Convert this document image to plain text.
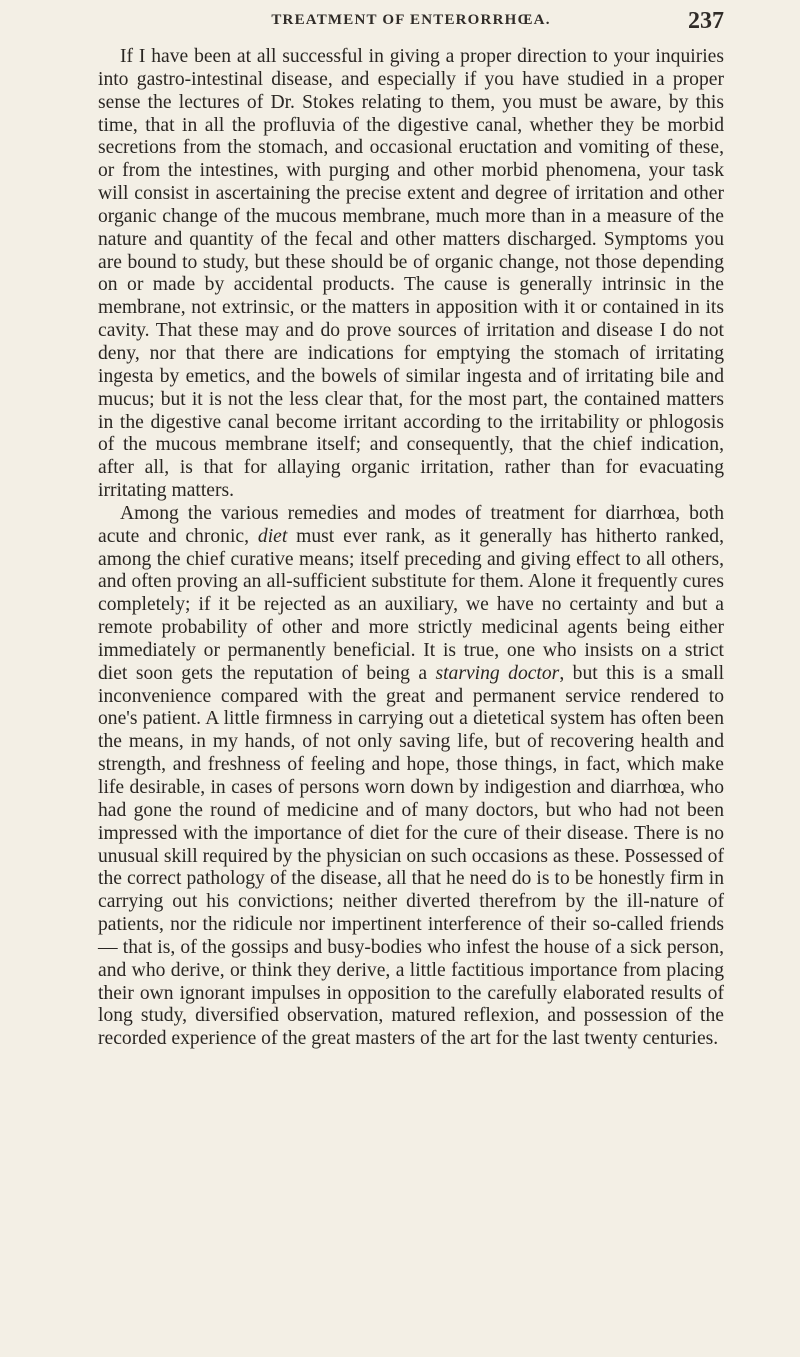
TREATMENT OF ENTERORRHŒA.	237

If I have been at all successful in giving a proper direction to your inquiries into gastro-intestinal disease, and especially if you have studied in a proper sense the lectures of Dr. Stokes relating to them, you must be aware, by this time, that in all the profluvia of the digestive canal, whether they be morbid secretions from the stomach, and occasional eructation and vomiting of these, or from the intestines, with purging and other morbid phenomena, your task will consist in ascertaining the precise extent and degree of irritation and other organic change of the mucous membrane, much more than in a measure of the nature and quantity of the fecal and other matters discharged. Symptoms you are bound to study, but these should be of organic change, not those depending on or made by accidental products. The cause is generally intrinsic in the membrane, not extrinsic, or the matters in apposition with it or contained in its cavity. That these may and do prove sources of irritation and disease I do not deny, nor that there are indications for emptying the stomach of irritating ingesta by emetics, and the bowels of similar ingesta and of irritating bile and mucus; but it is not the less clear that, for the most part, the contained matters in the digestive canal become irritant according to the irritability or phlogosis of the mucous membrane itself; and consequently, that the chief indication, after all, is that for allaying organic irritation, rather than for evacuating irritating matters.

Among the various remedies and modes of treatment for diarrhœa, both acute and chronic, diet must ever rank, as it generally has hitherto ranked, among the chief curative means; itself preceding and giving effect to all others, and often proving an all-sufficient substitute for them. Alone it frequently cures completely; if it be rejected as an auxiliary, we have no certainty and but a remote probability of other and more strictly medicinal agents being either immediately or permanently beneficial. It is true, one who insists on a strict diet soon gets the reputation of being a starving doctor, but this is a small inconvenience compared with the great and permanent service rendered to one's patient. A little firmness in carrying out a dietetical system has often been the means, in my hands, of not only saving life, but of recovering health and strength, and freshness of feeling and hope, those things, in fact, which make life desirable, in cases of persons worn down by indigestion and diarrhœa, who had gone the round of medicine and of many doctors, but who had not been impressed with the importance of diet for the cure of their disease. There is no unusual skill required by the physician on such occasions as these. Possessed of the correct pathology of the disease, all that he need do is to be honestly firm in carrying out his convictions; neither diverted therefrom by the ill-nature of patients, nor the ridicule nor impertinent interference of their so-called friends — that is, of the gossips and busy-bodies who infest the house of a sick person, and who derive, or think they derive, a little factitious importance from placing their own ignorant impulses in opposition to the carefully elaborated results of long study, diversified observation, matured reflexion, and possession of the recorded experience of the great masters of the art for the last twenty centuries.
